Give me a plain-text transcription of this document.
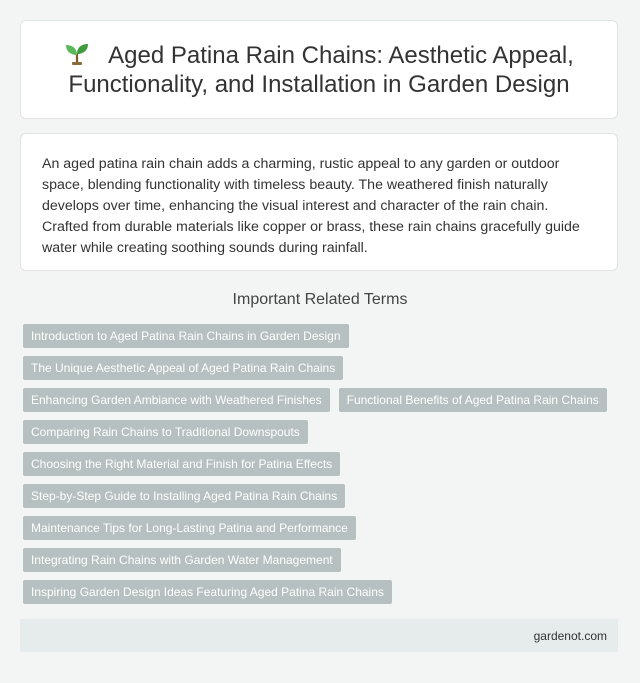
Aged Patina Rain Chains: Aesthetic Appeal, Functionality, and Installation in Garden Design

An aged patina rain chain adds a charming, rustic appeal to any garden or outdoor space, blending functionality with timeless beauty. The weathered finish naturally develops over time, enhancing the visual interest and character of the rain chain. Crafted from durable materials like copper or brass, these rain chains gracefully guide water while creating soothing sounds during rainfall.

Important Related Terms
Introduction to Aged Patina Rain Chains in Garden Design
The Unique Aesthetic Appeal of Aged Patina Rain Chains
Enhancing Garden Ambiance with Weathered Finishes	Functional Benefits of Aged Patina Rain Chains
Comparing Rain Chains to Traditional Downspouts
Choosing the Right Material and Finish for Patina Effects
Step-by-Step Guide to Installing Aged Patina Rain Chains
Maintenance Tips for Long-Lasting Patina and Performance
Integrating Rain Chains with Garden Water Management
Inspiring Garden Design Ideas Featuring Aged Patina Rain Chains
gardenot.com
